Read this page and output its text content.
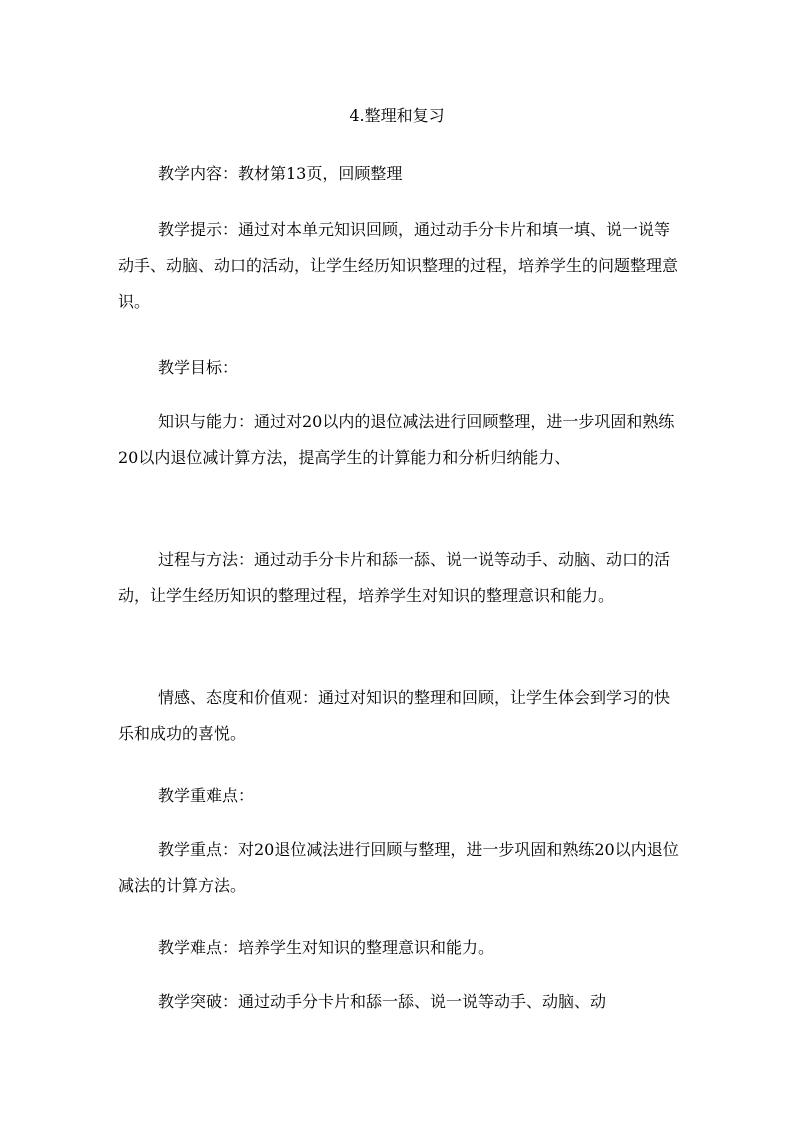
4.整理和复习

教学内容：教材第13页，回顾整理

教学提示：通过对本单元知识回顾，通过动手分卡片和填一填、说一说等动手、动脑、动口的活动，让学生经历知识整理的过程，培养学生的问题整理意识。

教学目标：

知识与能力：通过对20以内的退位减法进行回顾整理，进一步巩固和熟练20以内退位减计算方法，提高学生的计算能力和分析归纳能力、

过程与方法：通过动手分卡片和舔一舔、说一说等动手、动脑、动口的活动，让学生经历知识的整理过程，培养学生对知识的整理意识和能力。

情感、态度和价值观：通过对知识的整理和回顾，让学生体会到学习的快乐和成功的喜悦。

教学重难点：

教学重点：对20退位减法进行回顾与整理，进一步巩固和熟练20以内退位减法的计算方法。

教学难点：培养学生对知识的整理意识和能力。

教学突破：通过动手分卡片和舔一舔、说一说等动手、动脑、动
